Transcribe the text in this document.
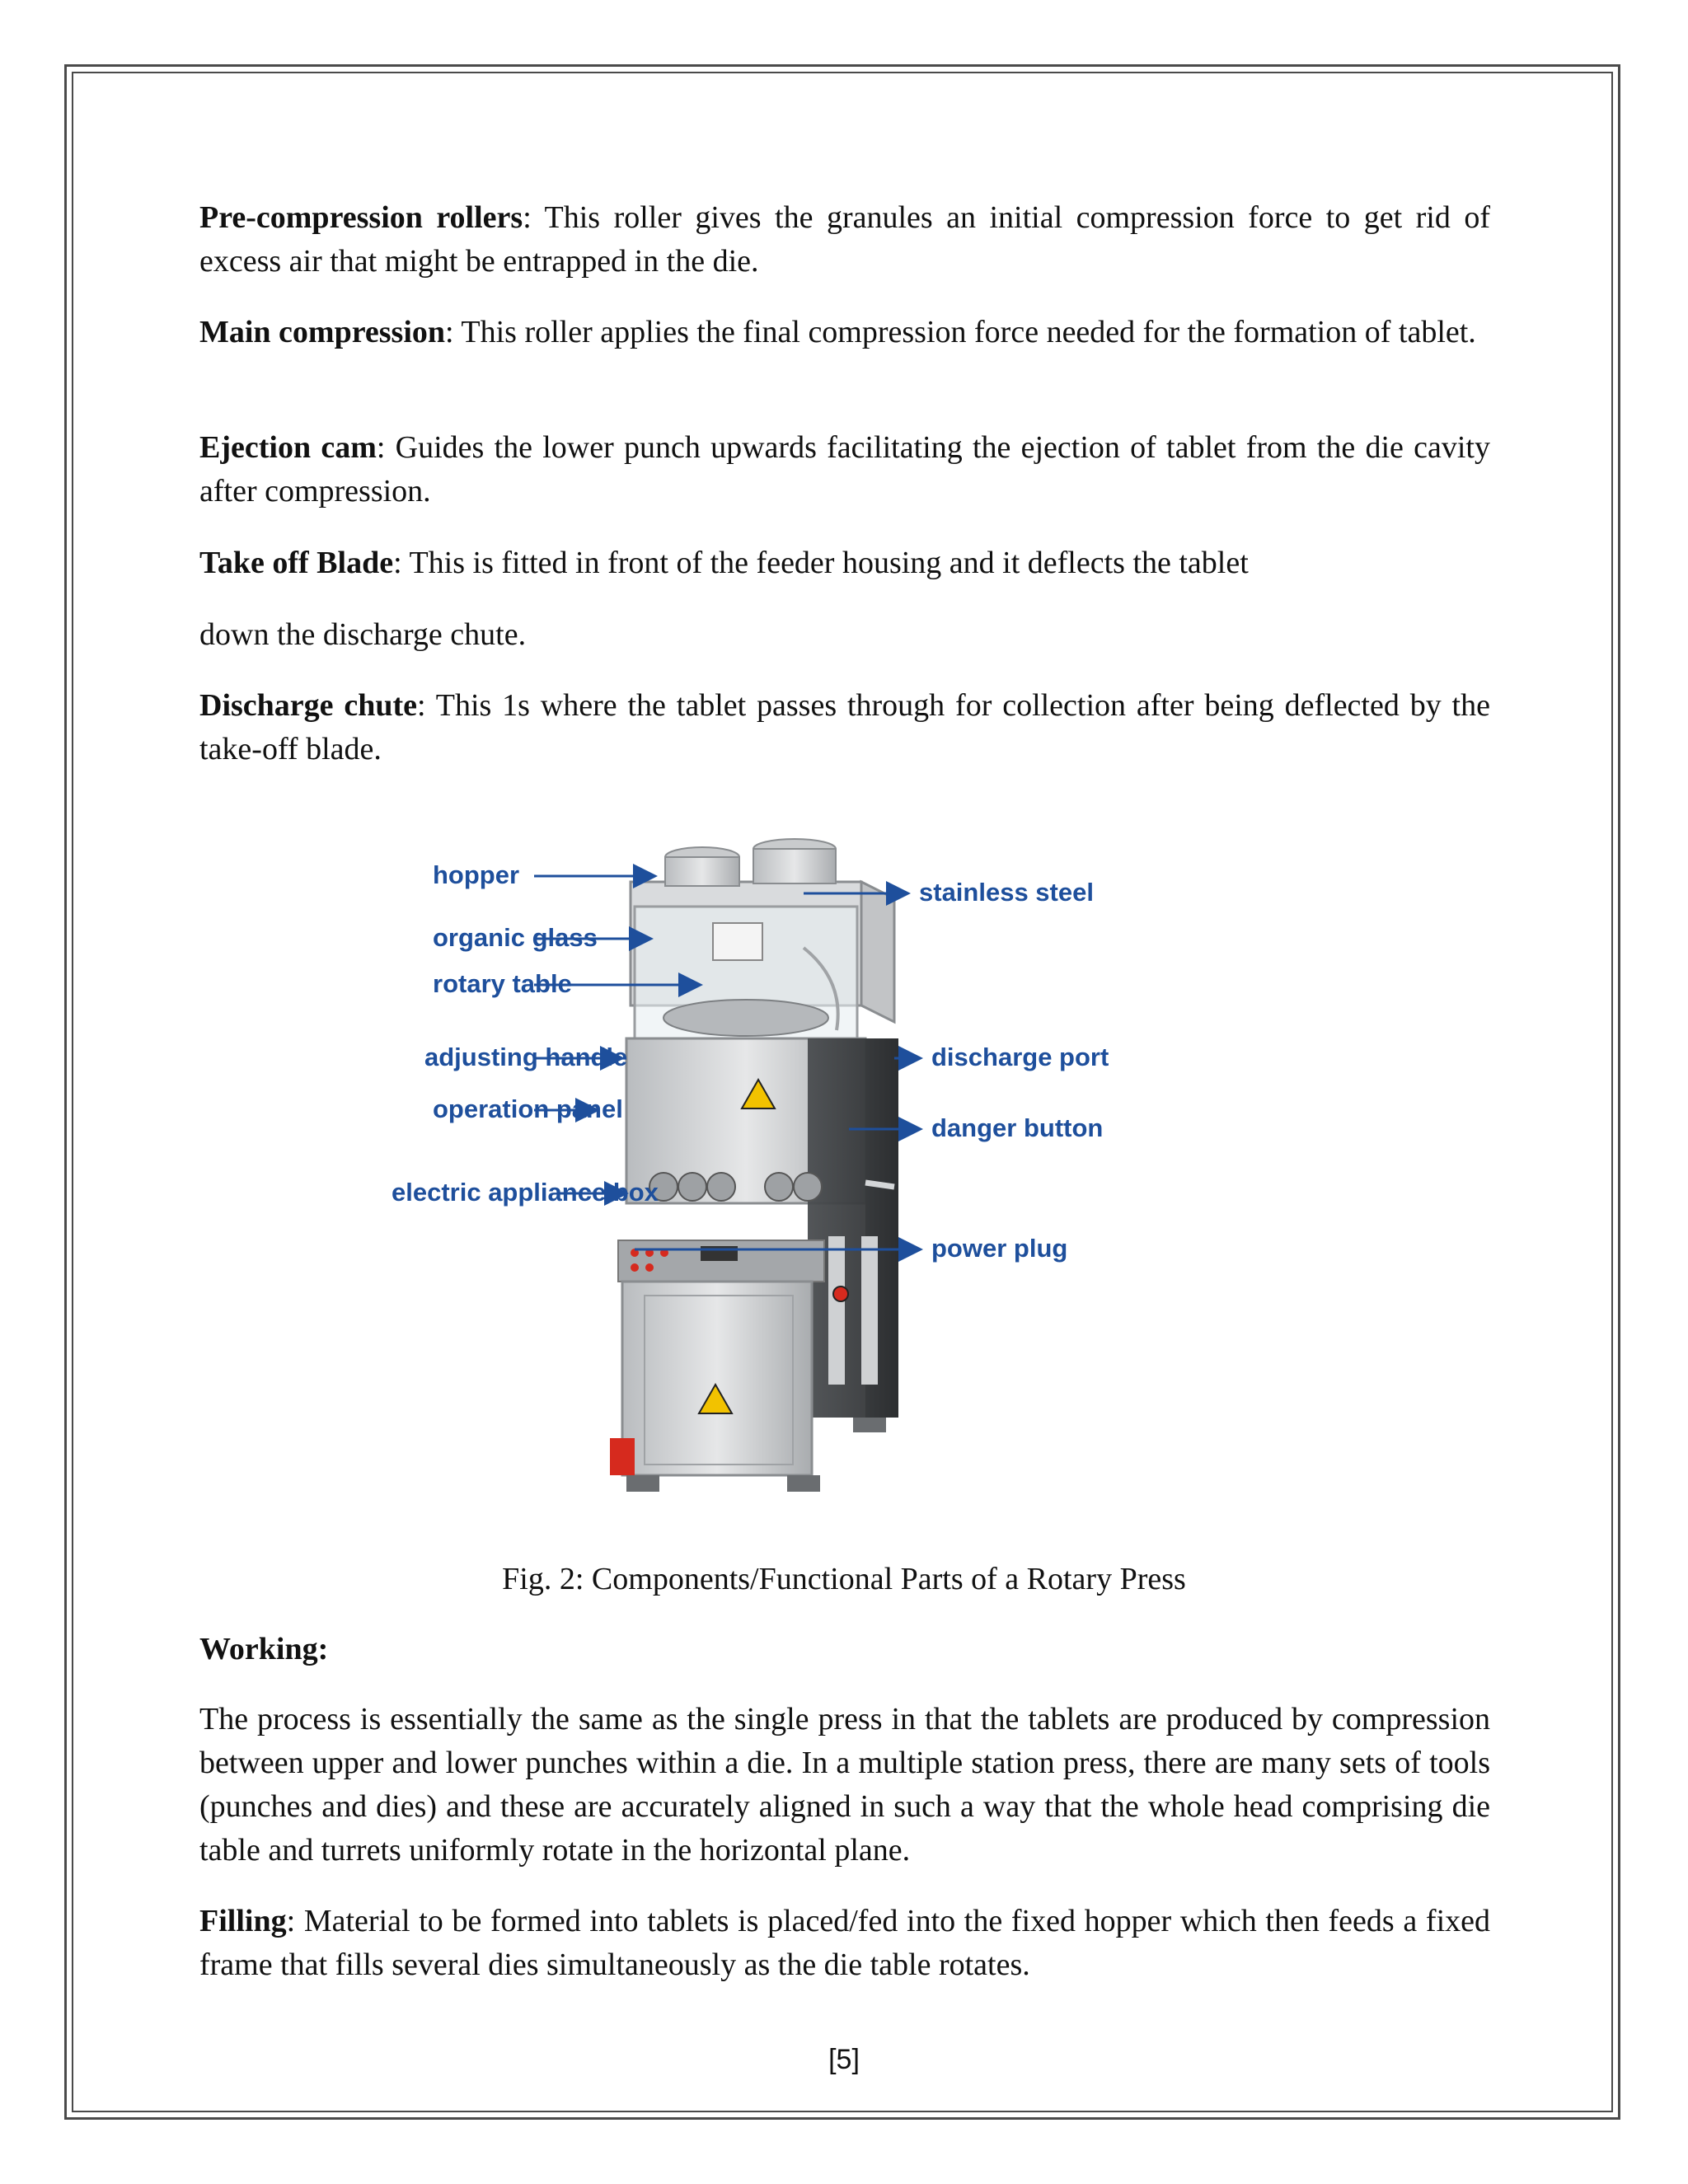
Pre-compression rollers: This roller gives the granules an initial compression force to get rid of excess air that might be entrapped in the die.

Main compression: This roller applies the final compression force needed for the formation of tablet.

Ejection cam: Guides the lower punch upwards facilitating the ejection of tablet from the die cavity after compression.

Take off Blade: This is fitted in front of the feeder housing and it deflects the tablet

down the discharge chute.

Discharge chute: This 1s where the tablet passes through for collection after being deflected by the take-off blade.

hopper
organic glass
rotary table
adjusting handle
operation panel
electric appliance box
stainless steel
discharge port
danger button
power plug
Fig. 2: Components/Functional Parts of a Rotary Press
Working:

The process is essentially the same as the single press in that the tablets are produced by compression between upper and lower punches within a die. In a multiple station press, there are many sets of tools (punches and dies) and these are accurately aligned in such a way that the whole head comprising die table and turrets uniformly rotate in the horizontal plane.

Filling: Material to be formed into tablets is placed/fed into the fixed hopper which then feeds a fixed frame that fills several dies simultaneously as the die table rotates.

[5]
